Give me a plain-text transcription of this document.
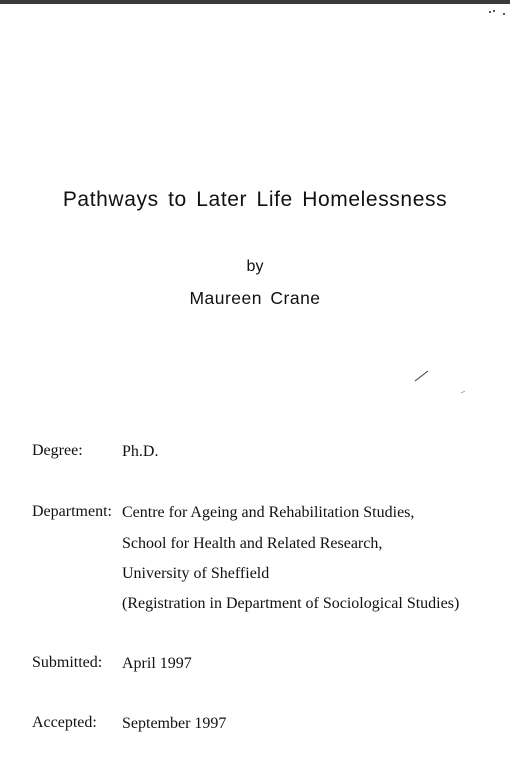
Pathways to Later Life Homelessness
by
Maureen Crane
Degree: Ph.D.
Department: Centre for Ageing and Rehabilitation Studies,
School for Health and Related Research,
University of Sheffield
(Registration in Department of Sociological Studies)
Submitted: April 1997
Accepted: September 1997
